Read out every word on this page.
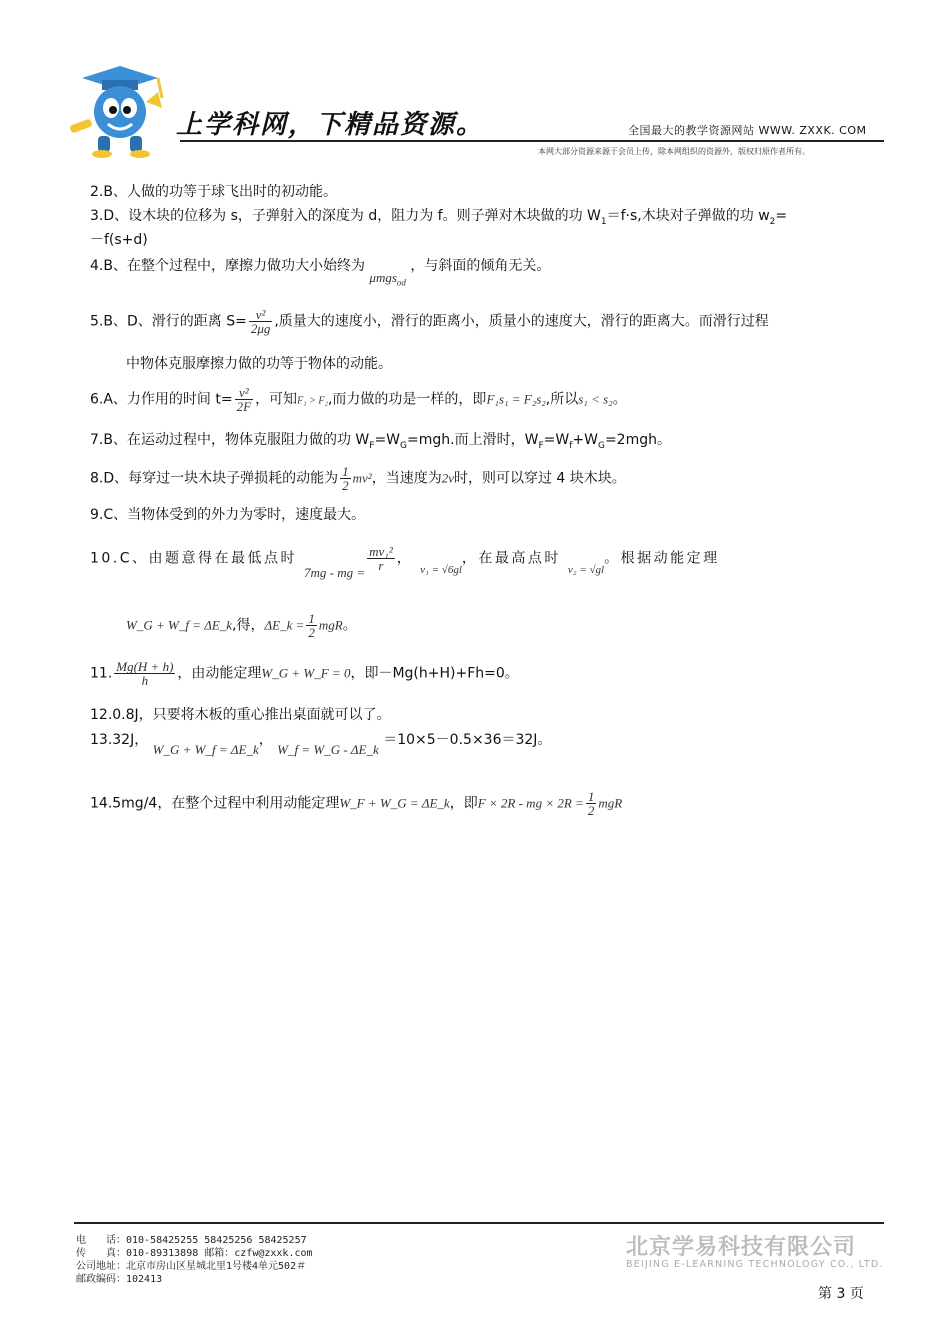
上学科网，下精品资源。	全国最大的教学资源网站 WWW. ZXXK. COM
本网大部分资源来源于会员上传，除本网组织的资源外，版权归原作者所有。
2.B、人做的功等于球飞出时的初动能。
3.D、设木块的位移为 s，子弹射入的深度为 d，阻力为 f。则子弹对木块做的功 $W_1=f\cdot s$,木块对子弹做的功 $w_2=$
－f(s+d)
4.B、在整个过程中，摩擦力做功大小始终为 μmgs$_{od}$ ，与斜面的倾角无关。
5.B、D、滑行的距离 $S= \frac{\text{v²}}{2\mu g}$ ,质量大的速度小，滑行的距离小，质量小的速度大，滑行的距离大。而滑行过程
中物体克服摩擦力做的功等于物体的动能。
6.A、力作用的时间 $t= \frac{\text{v²}}{2F}$ ，可知F₁ > F₂,而力做的功是一样的，即F₁s₁ = F₂s₂,所以s₁ < s₂。
7.B、在运动过程中，物体克服阻力做的功 $W_F=W_G=mgh$.而上滑时，$W_F=W_f+W_G=2mgh$。
8.D、每穿过一块木块子弹损耗的动能为 $\frac{1}{2} mv^2$，当速度为2v时，则可以穿过 4 块木块。
9.C、当物体受到的外力为零时，速度最大。
10.C、由题意得在最低点时 7mg - mg = $\frac{\text{mv₁²}}{r}$ ， $_{v_1 = √6gl}$，在最高点时 $_{v_2 = √gl}$。根据动能定理
W_G + W_f = ΔE_k,得，ΔE_k = $\frac{1}{2}$ mgR。
11. $\frac{Mg(H + h)}{h}$ ，由动能定理W_G + W_F = 0，即－Mg(h+H)+Fh=0。
12.0.8J，只要将木板的重心推出桌面就可以了。
13.32J， W_G + W_f = ΔE_k， W_f = W_G - ΔE_k ＝10×5－0.5×36＝32J。
14.5mg/4，在整个过程中利用动能定理W_F + W_G = ΔE_k，即F × 2R - mg × $2R = \frac{1}{2}$ mgR
电　　话：010-58425255 58425256 58425257
传　　真：010-89313898 邮箱：czfw@zxxk.com
公司地址：北京市房山区星城北里1号楼4单元502＃
邮政编码：102413
北京学易科技有限公司
BEIJING E-LEARNING TECHNOLOGY CO., LTD.
第 3 页
